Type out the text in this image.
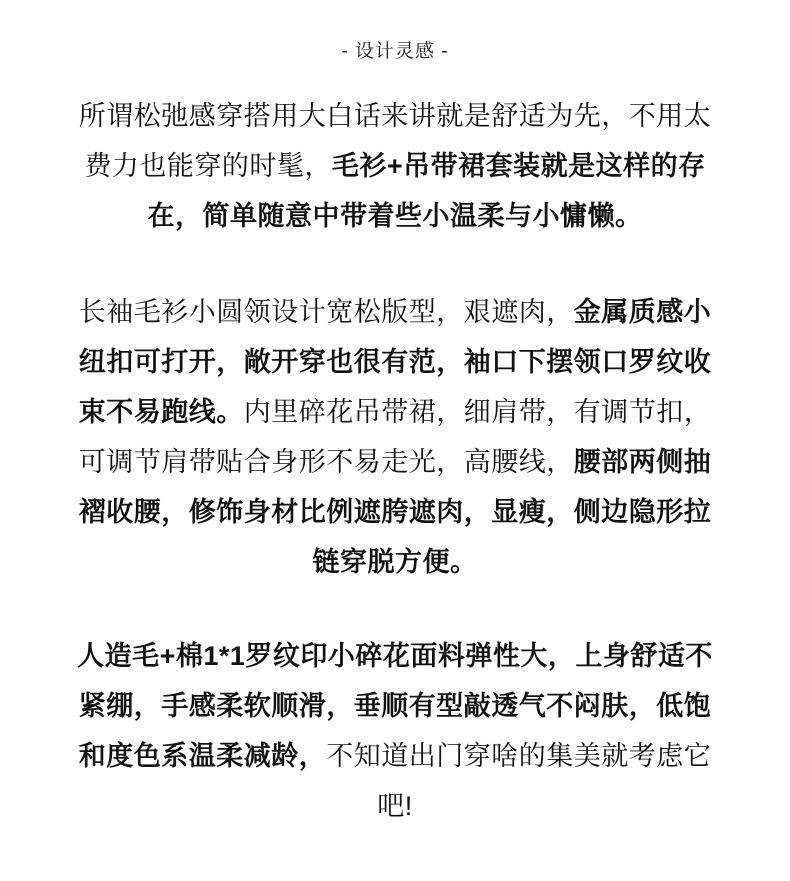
- 设计灵感 -
所谓松弛感穿搭用大白话来讲就是舒适为先，不用太费力也能穿的时髦，毛衫+吊带裙套装就是这样的存在，简单随意中带着些小温柔与小慵懒。
长袖毛衫小圆领设计宽松版型，艰遮肉，金属质感小纽扣可打开，敞开穿也很有范，袖口下摆领口罗纹收束不易跑线。内里碎花吊带裙，细肩带，有调节扣，可调节肩带贴合身形不易走光，高腰线，腰部两侧抽褶收腰，修饰身材比例遮胯遮肉，显瘦，侧边隐形拉链穿脱方便。
人造毛+棉1*1罗纹印小碎花面料弹性大，上身舒适不紧绷，手感柔软顺滑，垂顺有型敲透气不闷肤，低饱和度色系温柔减龄，不知道出门穿啥的集美就考虑它吧!
